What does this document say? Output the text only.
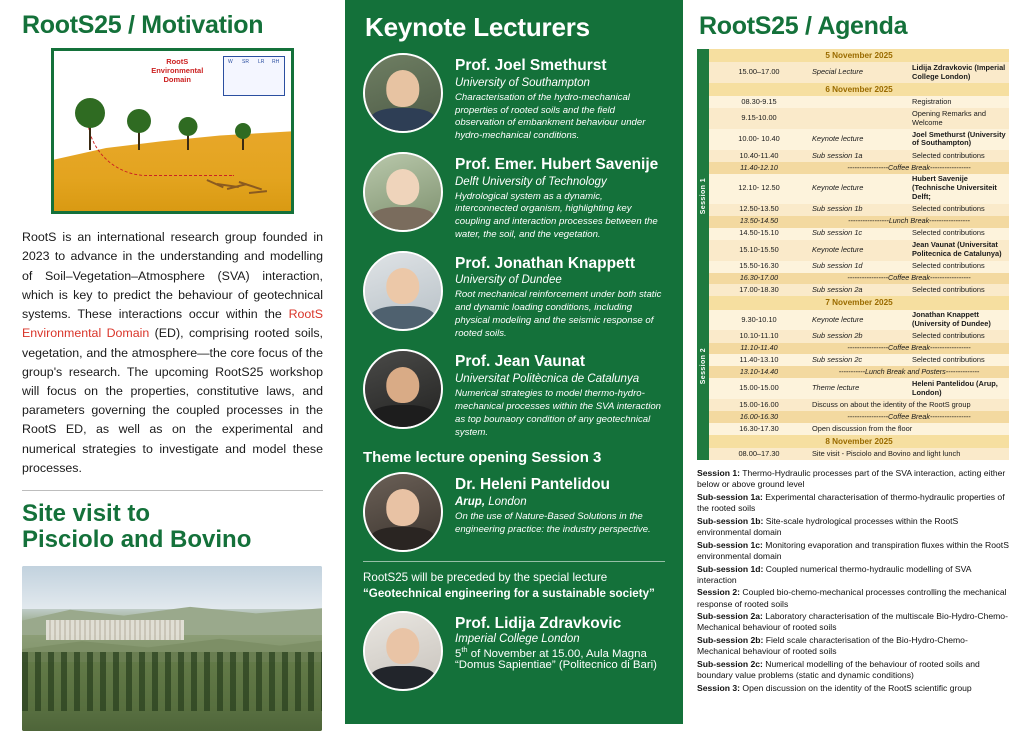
RootS25 / Motivation
RootS
Environmental
Domain
W SR LR RH
RootS is an international research group founded in 2023 to advance in the understanding and modelling of Soil–Vegetation–Atmosphere (SVA) interaction, which is key to predict the behaviour of geotechnical systems. These interactions occur within the RootS Environmental Domain (ED), comprising rooted soils, vegetation, and the atmosphere—the core focus of the group's research. The upcoming RootS25 workshop will focus on the properties, constitutive laws, and parameters governing the coupled processes in the RootS ED, as well as on the experimental and numerical strategies to investigate and model these processes.
Site visit to
Pisciolo and Bovino
Keynote Lecturers
Prof. Joel Smethurst
University of Southampton
Characterisation of the hydro-mechanical properties of rooted soils and the field observation of embankment behaviour under hydro-mechanical conditions.
Prof. Emer. Hubert Savenije
Delft University of Technology
Hydrological system as a dynamic, interconnected organism, highlighting key coupling and interaction processes between the water, the soil, and the vegetation.
Prof. Jonathan Knappett
University of Dundee
Root mechanical reinforcement under both static and dynamic loading conditions, including physical modeling and the seismic response of rooted soils.
Prof. Jean Vaunat
Universitat Politècnica de Catalunya
Numerical strategies to model thermo-hydro-mechanical processes within the SVA interaction as top bounaory condition of any geotechnical system.
Theme lecture opening Session 3
Dr. Heleni Pantelidou
Arup, London
On the use of Nature-Based Solutions in the engineering practice: the industry perspective.
RootS25 will be preceded by the special lecture
“Geotechnical engineering for a sustainable society”
Prof. Lidija Zdravkovic
Imperial College London
5th of November at 15.00, Aula Magna
“Domus Sapientiae” (Politecnico di Bari)
RootS25 / Agenda
	5 November 2025		
	15.00–17.00	Special Lecture	Lidija Zdravkovic (Imperial College London)
	6 November 2025		

Session 1	08.30-9.15		Registration
	9.15-10.00		Opening Remarks and Welcome
	10.00- 10.40	Keynote lecture	Joel Smethurst (University of Southampton)
	10.40-11.40	Sub session 1a	Selected contributions
	11.40-12.10	-----------------Coffee Break-----------------	
	12.10- 12.50	Keynote lecture	Hubert Savenije (Technische Universiteit Delft;
	12.50-13.50	Sub session 1b	Selected contributions
	13.50-14.50	-----------------Lunch Break-----------------	
	14.50-15.10	Sub session 1c	Selected contributions
	15.10-15.50	Keynote lecture	Jean Vaunat (Universitat Politecnica de Catalunya)
	15.50-16.30	Sub session 1d	Selected contributions
	16.30-17.00	-----------------Coffee Break-----------------	
	17.00-18.30	Sub session 2a	Selected contributions

Session 2	7 November 2025		
	9.30-10.10	Keynote lecture	Jonathan Knappett (University of Dundee)
	10.10-11.10	Sub session 2b	Selected contributions
	11.10-11.40	-----------------Coffee Break-----------------	
	11.40-13.10	Sub session 2c	Selected contributions
	13.10-14.40	-----------Lunch Break and Posters--------------	
	15.00-15.00	Theme lecture	Heleni Pantelidou (Arup, London)
	15.00-16.00	Discuss on about the identity of the RootS group	
	16.00-16.30	-----------------Coffee Break-----------------	
	16.30-17.30	Open discussion from the floor	
	8 November 2025		
	08.00–17.30	Site visit - Pisciolo and Bovino and light lunch	

Session 1: Thermo-Hydraulic processes part of the SVA interaction, acting either below or above ground level

Sub-session 1a: Experimental characterisation of thermo-hydraulic properties of the rooted soils

Sub-session 1b: Site-scale hydrological processes within the RootS environmental domain

Sub-session 1c: Monitoring evaporation and transpiration fluxes within the RootS environmental domain

Sub-session 1d: Coupled numerical thermo-hydraulic modelling of SVA interaction

Session 2: Coupled bio-chemo-mechanical processes controlling the mechanical response of rooted soils

Sub-session 2a: Laboratory characterisation of the multiscale Bio-Hydro-Chemo-Mechanical behaviour of rooted soils

Sub-session 2b: Field scale characterisation of the Bio-Hydro-Chemo-Mechanical behaviour of rooted soils

Sub-session 2c: Numerical modelling of the behaviour of rooted soils and boundary value problems (static and dynamic conditions)

Session 3: Open discussion on the identity of the RootS scientific group
